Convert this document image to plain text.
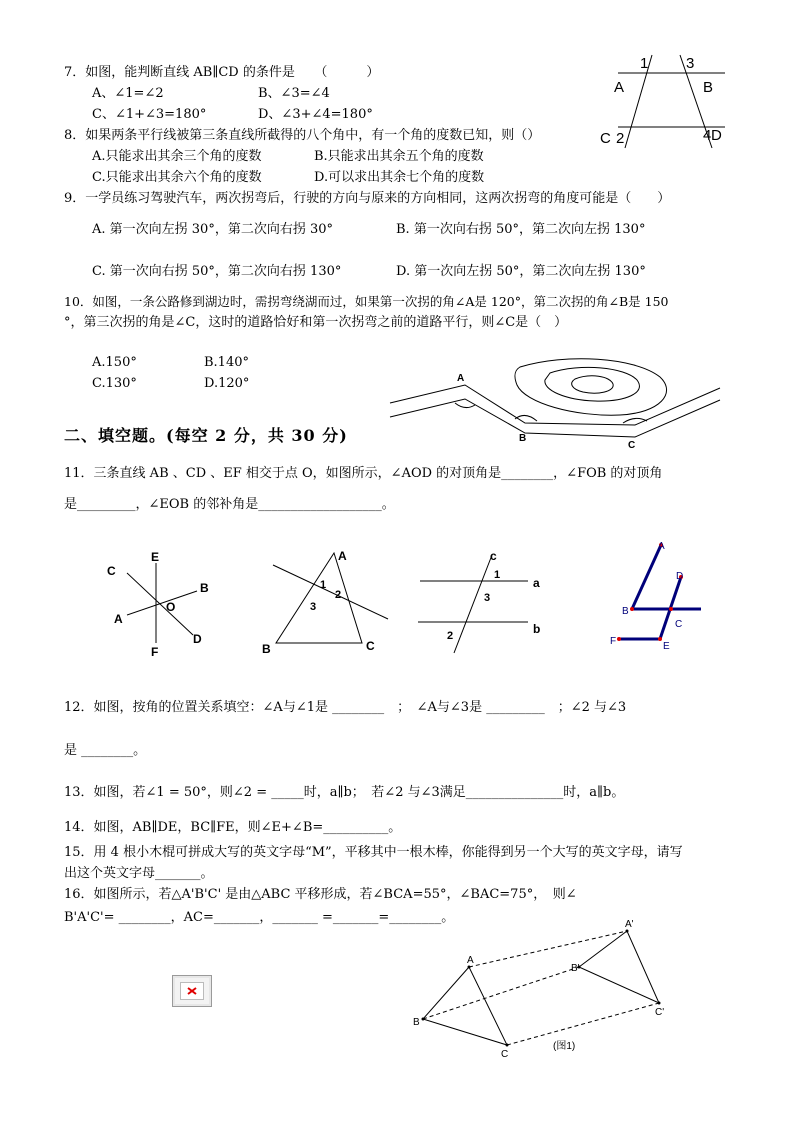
7．如图，能判断直线 AB∥CD 的条件是　　（　　　）
A、∠1=∠2	B、∠3=∠4
C、∠1+∠3=180°	D、∠3+∠4=180°
1	3
A	B
C 2	4 D
8．如果两条平行线被第三条直线所截得的八个角中，有一个角的度数已知，则（）
A.只能求出其余三个角的度数	B.只能求出其余五个角的度数
C.只能求出其余六个角的度数	D.可以求出其余七个角的度数
9．一学员练习驾驶汽车，两次拐弯后，行驶的方向与原来的方向相同，这两次拐弯的角度可能是（　　）
A. 第一次向左拐 30°，第二次向右拐 30°	B. 第一次向右拐 50°，第二次向左拐 130°
C. 第一次向右拐 50°，第二次向右拐 130°	D. 第一次向左拐 50°，第二次向左拐 130°
10．如图，一条公路修到湖边时，需拐弯绕湖而过，如果第一次拐的角∠A是 120°，第二次拐的角∠B是 150
°，第三次拐的角是∠C，这时的道路恰好和第一次拐弯之前的道路平行，则∠C是（　）
A.150°	B.140°
C.130°	D.120°	A
B
C
二、填空题。(每空 2 分，共 30 分)
11．三条直线 AB 、CD 、EF 相交于点 O，如图所示，∠AOD 的对顶角是________，∠FOB 的对顶角
是_________，∠EOB 的邻补角是___________________。
C
E
B
A
O
D
F
A
1
2
3
B	C
c
1
3
a
2	b
A
D
B
C
F	E
12．如图，按角的位置关系填空：∠A与∠1是 ________　；　∠A与∠3是 _________　；∠2 与∠3
是 ________。
13．如图，若∠1 = 50°，则∠2 = _____时，a∥b；　若∠2 与∠3满足_______________时，a∥b。
14．如图，AB∥DE，BC∥FE，则∠E+∠B=__________。
15．用 4 根小木棍可拼成大写的英文字母“M”，平移其中一根木棒，你能得到另一个大写的英文字母，请写
出这个英文字母_______。
16．如图所示，若△A'B'C' 是由△ABC 平移形成，若∠BCA=55°，∠BAC=75°，　则∠
B'A'C'= ________，AC=_______，_______ =_______=________。
A
A'
B'
B
C'
C
(图1)
